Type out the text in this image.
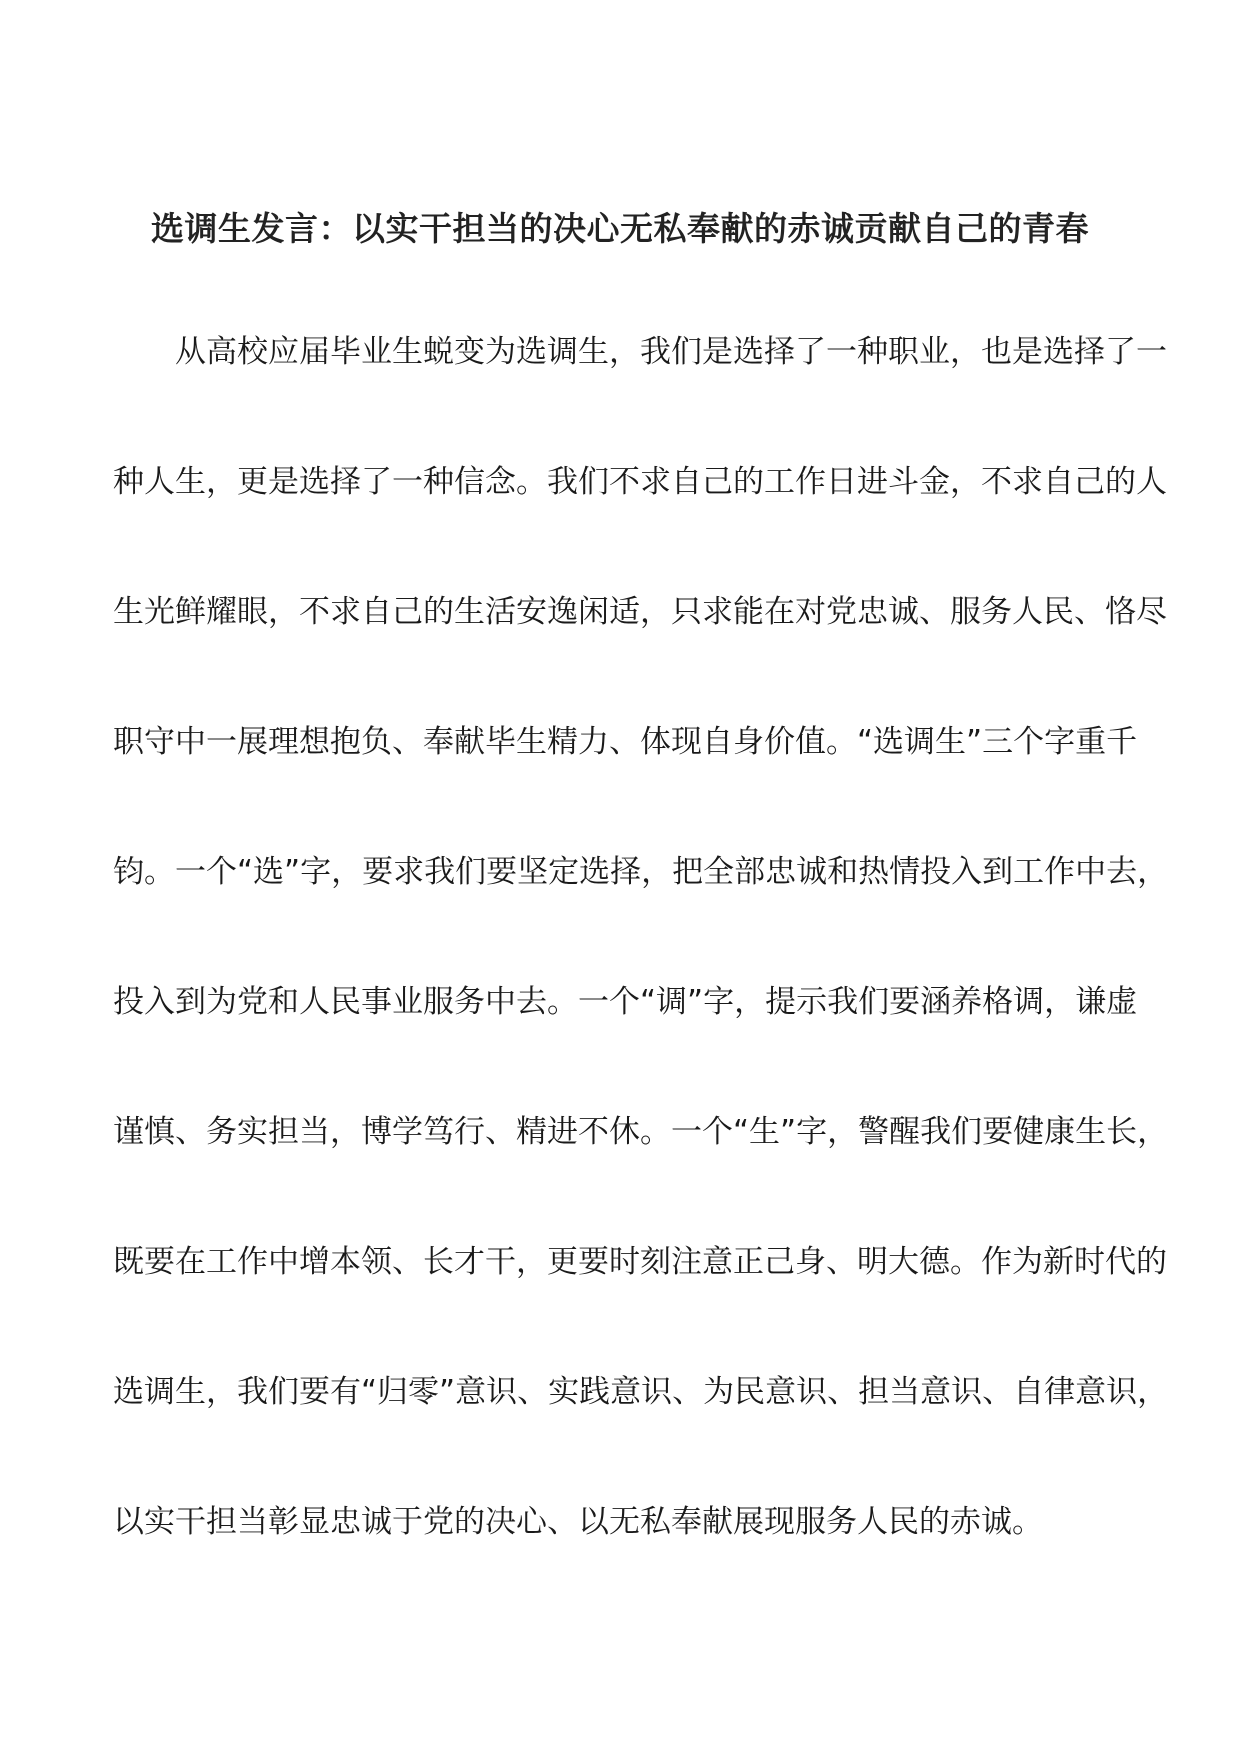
选调生发言：以实干担当的决心无私奉献的赤诚贡献自己的青春
从高校应届毕业生蜕变为选调生，我们是选择了一种职业，也是选择了一
种人生，更是选择了一种信念。我们不求自己的工作日进斗金，不求自己的人
生光鲜耀眼，不求自己的生活安逸闲适，只求能在对党忠诚、服务人民、恪尽
职守中一展理想抱负、奉献毕生精力、体现自身价值。“选调生”三个字重千
钧。一个“选”字，要求我们要坚定选择，把全部忠诚和热情投入到工作中去，
投入到为党和人民事业服务中去。一个“调”字，提示我们要涵养格调，谦虚
谨慎、务实担当，博学笃行、精进不休。一个“生”字，警醒我们要健康生长，
既要在工作中增本领、长才干，更要时刻注意正己身、明大德。作为新时代的
选调生，我们要有“归零”意识、实践意识、为民意识、担当意识、自律意识，
以实干担当彰显忠诚于党的决心、以无私奉献展现服务人民的赤诚。
